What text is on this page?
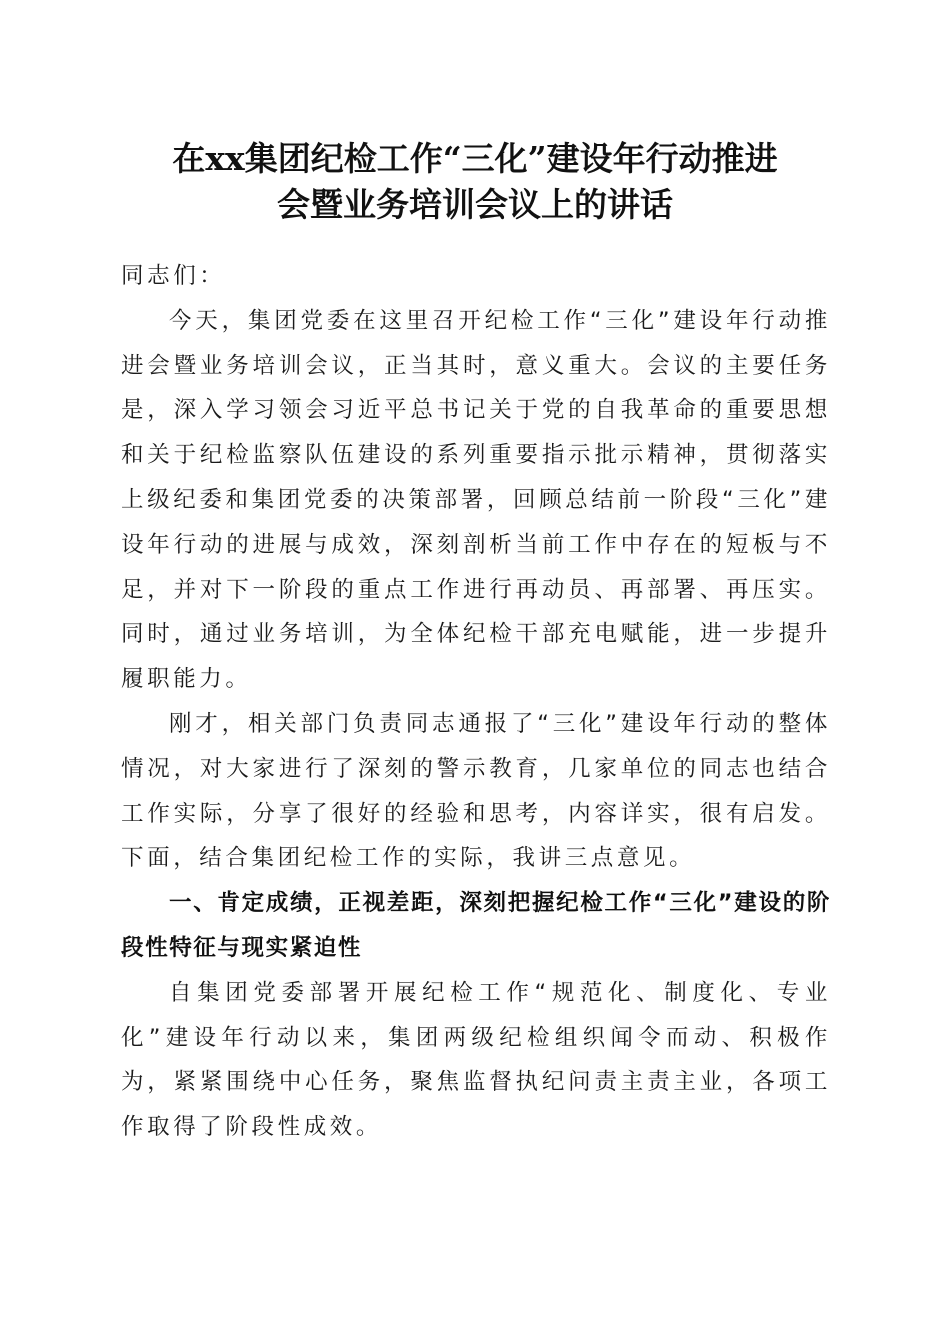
在xx集团纪检工作“三化”建设年行动推进
会暨业务培训会议上的讲话

同志们：

今天，集团党委在这里召开纪检工作“三化”建设年行动推进会暨业务培训会议，正当其时，意义重大。会议的主要任务是，深入学习领会习近平总书记关于党的自我革命的重要思想和关于纪检监察队伍建设的系列重要指示批示精神，贯彻落实上级纪委和集团党委的决策部署，回顾总结前一阶段“三化”建设年行动的进展与成效，深刻剖析当前工作中存在的短板与不足，并对下一阶段的重点工作进行再动员、再部署、再压实。同时，通过业务培训，为全体纪检干部充电赋能，进一步提升履职能力。

刚才，相关部门负责同志通报了“三化”建设年行动的整体情况，对大家进行了深刻的警示教育，几家单位的同志也结合工作实际，分享了很好的经验和思考，内容详实，很有启发。下面，结合集团纪检工作的实际，我讲三点意见。

一、肯定成绩，正视差距，深刻把握纪检工作“三化”建设的阶段性特征与现实紧迫性

自集团党委部署开展纪检工作“规范化、制度化、专业化”建设年行动以来，集团两级纪检组织闻令而动、积极作为，紧紧围绕中心任务，聚焦监督执纪问责主责主业，各项工作取得了阶段性成效。
